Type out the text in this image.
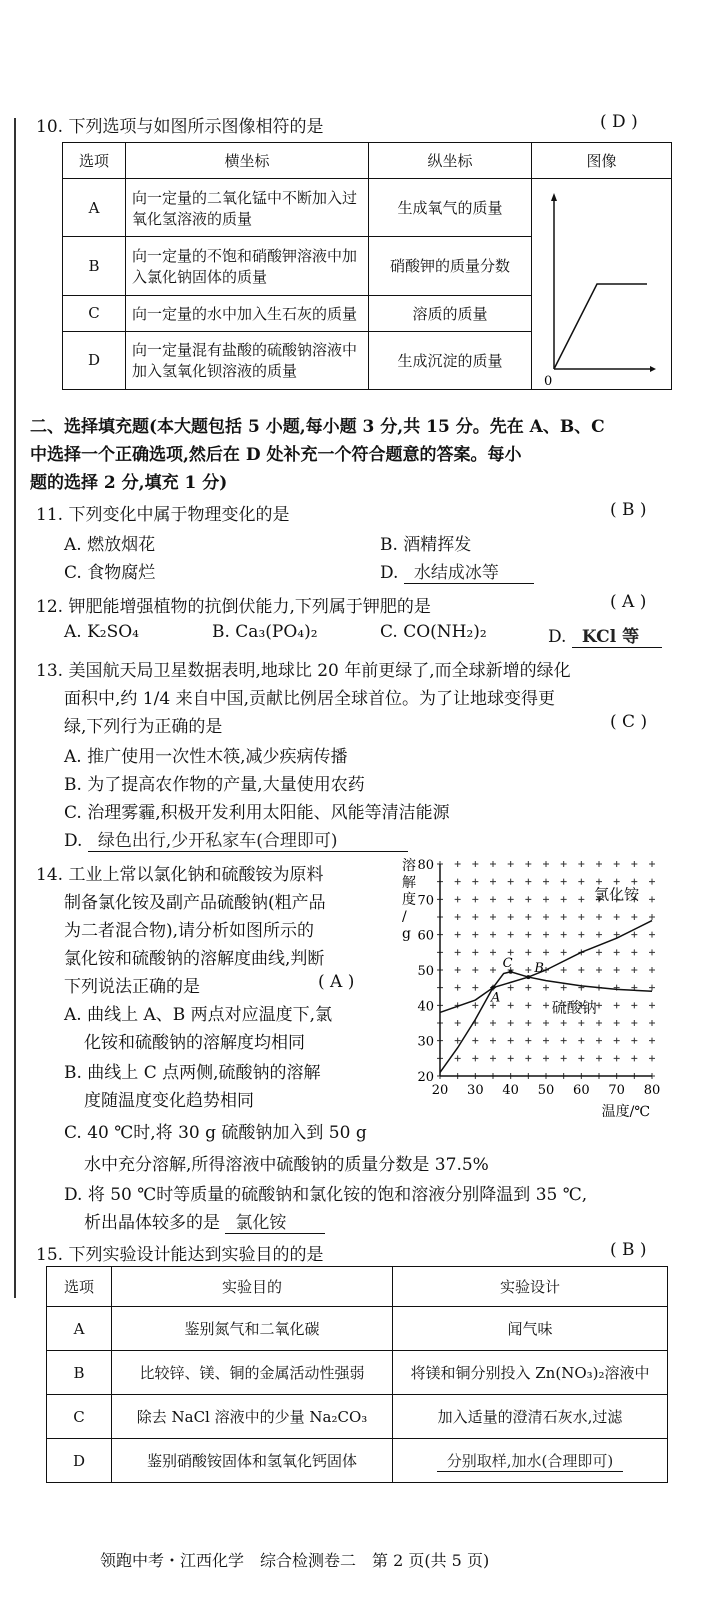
10. 下列选项与如图所示图像相符的是	( D )
选项	横坐标	纵坐标	图像
A	向一定量的二氧化锰中不断加入过氧化氢溶液的质量	生成氧气的质量	0

B	向一定量的不饱和硝酸钾溶液中加入氯化钠固体的质量	硝酸钾的质量分数	
C	向一定量的水中加入生石灰的质量	溶质的质量	
D	向一定量混有盐酸的硫酸钠溶液中加入氢氧化钡溶液的质量	生成沉淀的质量	
二、选择填充题(本大题包括 5 小题,每小题 3 分,共 15 分。先在 A、B、C
中选择一个正确选项,然后在 D 处补充一个符合题意的答案。每小
题的选择 2 分,填充 1 分)
11. 下列变化中属于物理变化的是	( B )
A. 燃放烟花	B. 酒精挥发
C. 食物腐烂	D. 水结成冰等
12. 钾肥能增强植物的抗倒伏能力,下列属于钾肥的是	( A )
A. K₂SO₄	B. Ca₃(PO₄)₂	C. CO(NH₂)₂	D. KCl 等
13. 美国航天局卫星数据表明,地球比 20 年前更绿了,而全球新增的绿化
面积中,约 1/4 来自中国,贡献比例居全球首位。为了让地球变得更
绿,下列行为正确的是	( C )
A. 推广使用一次性木筷,减少疾病传播
B. 为了提高农作物的产量,大量使用农药
C. 治理雾霾,积极开发利用太阳能、风能等清洁能源
D. 绿色出行,少开私家车(合理即可)
14. 工业上常以氯化钠和硫酸铵为原料
制备氯化铵及副产品硫酸钠(粗产品
为二者混合物),请分析如图所示的
氯化铵和硫酸钠的溶解度曲线,判断
下列说法正确的是	( A )
A. 曲线上 A、B 两点对应温度下,氯
化铵和硫酸钠的溶解度均相同
B. 曲线上 C 点两侧,硫酸钠的溶解
度随温度变化趋势相同
C. 40 ℃时,将 30 g 硫酸钠加入到 50 g
水中充分溶解,所得溶液中硫酸钠的质量分数是 37.5%
D. 将 50 ℃时等质量的硫酸钠和氯化铵的饱和溶液分别降温到 35 ℃,
析出晶体较多的是 氯化铵
20 30 40 50 60 70 80
20
30
40
50
60
70
80
溶
解
度
/
g
温度/℃
氯化铵
硫酸钠
A
B
C
15. 下列实验设计能达到实验目的的是	( B )
选项	实验目的	实验设计
A	鉴别氮气和二氧化碳	闻气味
B	比较锌、镁、铜的金属活动性强弱	将镁和铜分别投入 Zn(NO₃)₂溶液中
C	除去 NaCl 溶液中的少量 Na₂CO₃	加入适量的澄清石灰水,过滤
D	鉴别硝酸铵固体和氢氧化钙固体	分别取样,加水(合理即可)
领跑中考・江西化学　综合检测卷二　第 2 页(共 5 页)
